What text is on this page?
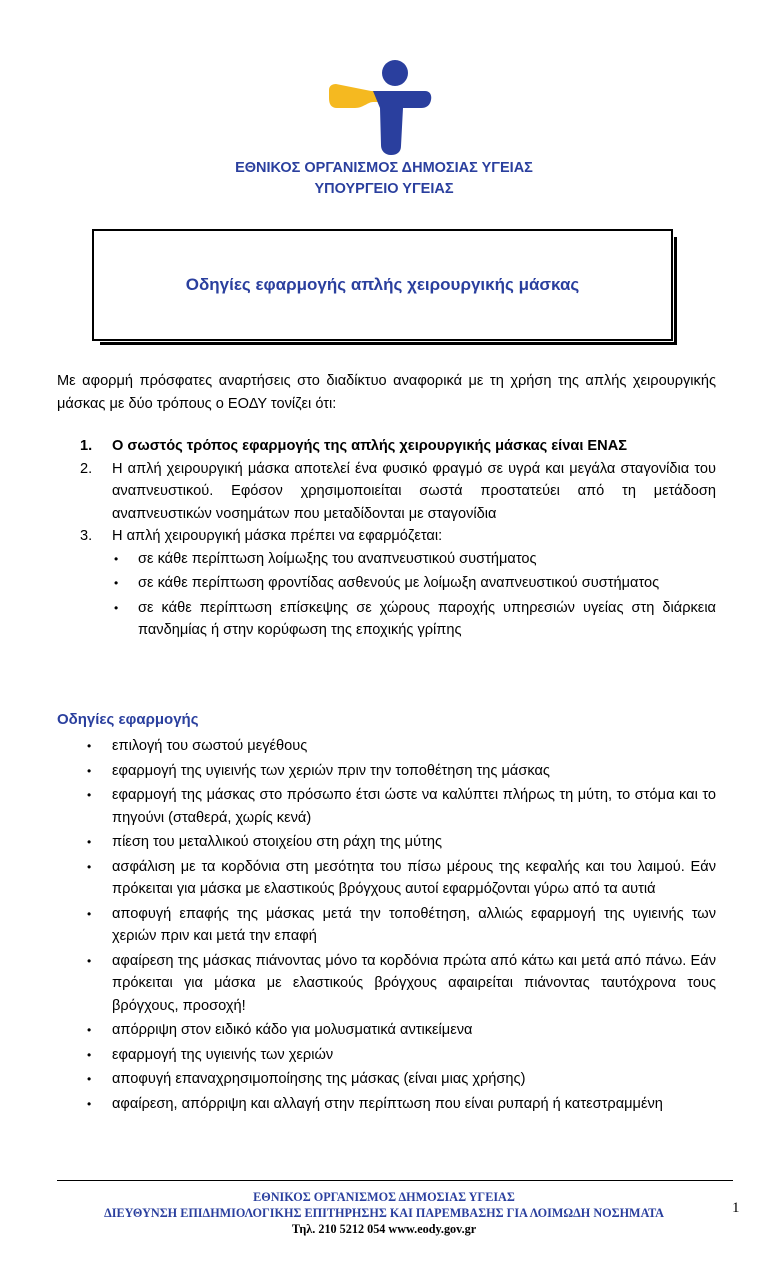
ΕΘΝΙΚΟΣ ΟΡΓΑΝΙΣΜΟΣ ΔΗΜΟΣΙΑΣ ΥΓΕΙΑΣ
ΥΠΟΥΡΓΕΙΟ ΥΓΕΙΑΣ
Οδηγίες εφαρμογής απλής χειρουργικής μάσκας
Με αφορμή πρόσφατες αναρτήσεις στο διαδίκτυο αναφορικά με τη χρήση της απλής χειρουργικής μάσκας με δύο τρόπους ο ΕΟΔΥ τονίζει ότι:
1. Ο σωστός τρόπος εφαρμογής της απλής χειρουργικής μάσκας είναι ΕΝΑΣ
2. Η απλή χειρουργική μάσκα αποτελεί ένα φυσικό φραγμό σε υγρά και μεγάλα σταγονίδια του αναπνευστικού. Εφόσον χρησιμοποιείται σωστά προστατεύει από τη μετάδοση αναπνευστικών νοσημάτων που μεταδίδονται με σταγονίδια
3. Η απλή χειρουργική μάσκα πρέπει να εφαρμόζεται:
• σε κάθε περίπτωση λοίμωξης του αναπνευστικού συστήματος
• σε κάθε περίπτωση φροντίδας ασθενούς με λοίμωξη αναπνευστικού συστήματος
• σε κάθε περίπτωση επίσκεψης σε χώρους παροχής υπηρεσιών υγείας στη διάρκεια πανδημίας ή στην κορύφωση της εποχικής γρίπης
Οδηγίες εφαρμογής
• επιλογή του σωστού μεγέθους
• εφαρμογή της υγιεινής των χεριών πριν την τοποθέτηση της μάσκας
• εφαρμογή της μάσκας στο πρόσωπο έτσι ώστε να καλύπτει πλήρως τη μύτη, το στόμα και το πηγούνι (σταθερά, χωρίς κενά)
• πίεση του μεταλλικού στοιχείου στη ράχη της μύτης
• ασφάλιση με τα κορδόνια στη μεσότητα του πίσω μέρους της κεφαλής και του λαιμού. Εάν πρόκειται για μάσκα με ελαστικούς βρόγχους αυτοί εφαρμόζονται γύρω από τα αυτιά
• αποφυγή επαφής της μάσκας μετά την τοποθέτηση, αλλιώς εφαρμογή της υγιεινής των χεριών πριν και μετά την επαφή
• αφαίρεση της μάσκας πιάνοντας μόνο τα κορδόνια πρώτα από κάτω και μετά από πάνω. Εάν πρόκειται για μάσκα με ελαστικούς βρόγχους αφαιρείται πιάνοντας ταυτόχρονα τους βρόγχους, προσοχή!
• απόρριψη στον ειδικό κάδο για μολυσματικά αντικείμενα
• εφαρμογή της υγιεινής των χεριών
• αποφυγή επαναχρησιμοποίησης της μάσκας (είναι μιας χρήσης)
• αφαίρεση, απόρριψη και αλλαγή στην περίπτωση που είναι ρυπαρή ή κατεστραμμένη
ΕΘΝΙΚΟΣ ΟΡΓΑΝΙΣΜΟΣ ΔΗΜΟΣΙΑΣ ΥΓΕΙΑΣ
ΔΙΕΥΘΥΝΣΗ ΕΠΙΔΗΜΙΟΛΟΓΙΚΗΣ ΕΠΙΤΗΡΗΣΗΣ ΚΑΙ ΠΑΡΕΜΒΑΣΗΣ ΓΙΑ ΛΟΙΜΩΔΗ ΝΟΣΗΜΑΤΑ
Τηλ. 210 5212 054 www.eody.gov.gr
1
